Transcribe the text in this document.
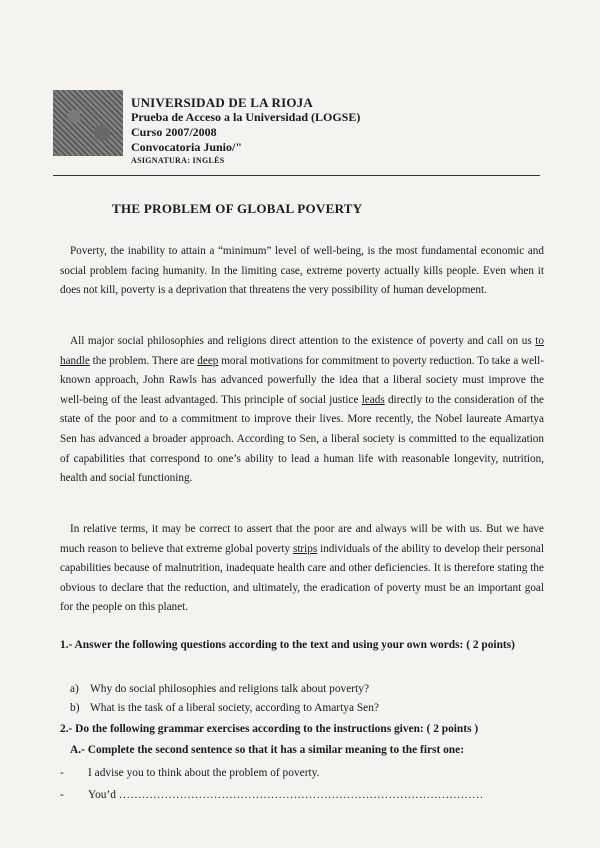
UNIVERSIDAD DE LA RIOJA
Prueba de Acceso a la Universidad (LOGSE)
Curso 2007/2008
Convocatoria Junio/"
ASIGNATURA: INGLÉS
THE PROBLEM OF GLOBAL POVERTY
Poverty, the inability to attain a “minimum” level of well-being, is the most fundamental economic and social problem facing humanity. In the limiting case, extreme poverty actually kills people. Even when it does not kill, poverty is a deprivation that threatens the very possibility of human development.
All major social philosophies and religions direct attention to the existence of poverty and call on us to handle the problem. There are deep moral motivations for commitment to poverty reduction. To take a well-known approach, John Rawls has advanced powerfully the idea that a liberal society must improve the well-being of the least advantaged. This principle of social justice leads directly to the consideration of the state of the poor and to a commitment to improve their lives. More recently, the Nobel laureate Amartya Sen has advanced a broader approach. According to Sen, a liberal society is committed to the equalization of capabilities that correspond to one’s ability to lead a human life with reasonable longevity, nutrition, health and social functioning.
In relative terms, it may be correct to assert that the poor are and always will be with us. But we have much reason to believe that extreme global poverty strips individuals of the ability to develop their personal capabilities because of malnutrition, inadequate health care and other deficiencies. It is therefore stating the obvious to declare that the reduction, and ultimately, the eradication of poverty must be an important goal for the people on this planet.
1.- Answer the following questions according to the text and using your own words: ( 2 points)
a) Why do social philosophies and religions talk about poverty?
b) What is the task of a liberal society, according to Amartya Sen?
2.- Do the following grammar exercises according to the instructions given: ( 2 points )
A.- Complete the second sentence so that it has a similar meaning to the first one:
- I advise you to think about the problem of poverty.
- You’d ……………………………………………………………………………………
